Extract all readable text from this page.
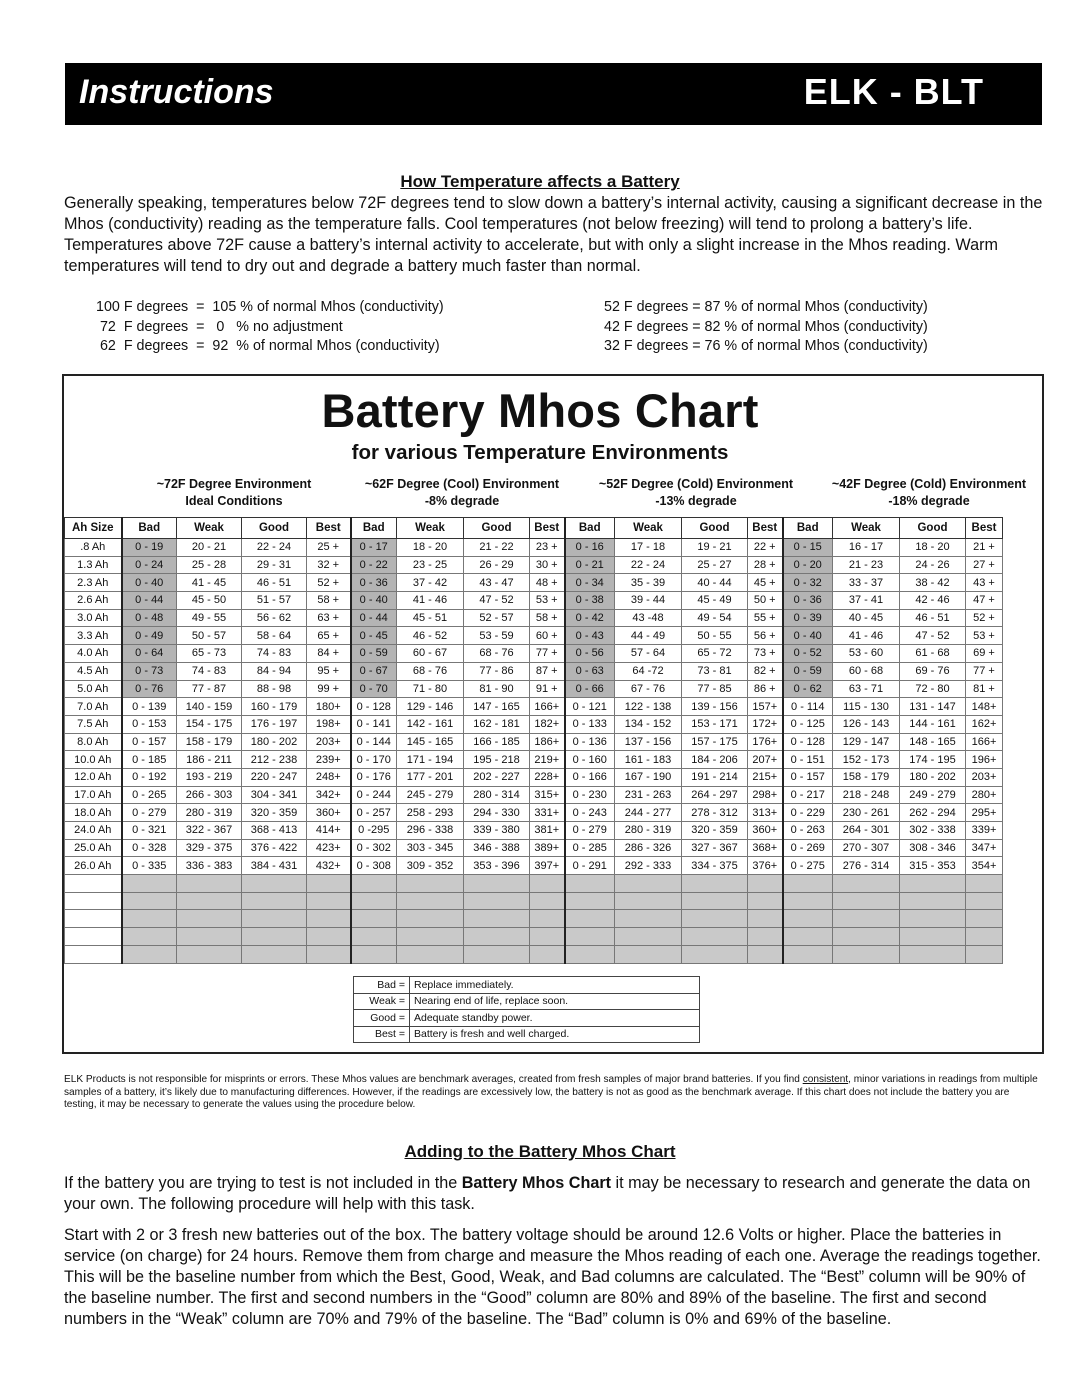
Instructions	ELK - BLT
How Temperature affects a Battery
Generally speaking, temperatures below 72F degrees tend to slow down a battery’s internal activity, causing a significant decrease in the Mhos (conductivity) reading as the temperature falls. Cool temperatures (not below freezing) will tend to prolong a battery’s life. Temperatures above 72F cause a battery’s internal activity to accelerate, but with only a slight increase in the Mhos reading. Warm temperatures will tend to dry out and degrade a battery much faster than normal.
100 F degrees  =  105 % of normal Mhos (conductivity)
72  F degrees  =   0   % no adjustment
62  F degrees  =  92  % of normal Mhos (conductivity)
52 F degrees = 87 % of normal Mhos (conductivity)
42 F degrees = 82 % of normal Mhos (conductivity)
32 F degrees = 76 % of normal Mhos (conductivity)
Battery Mhos Chart
for various Temperature Environments
~72F Degree Environment
Ideal Conditions
~62F Degree (Cool) Environment
-8% degrade
~52F Degree (Cold) Environment
-13% degrade
~42F Degree (Cold) Environment
-18% degrade
Ah Size	Bad	Weak	Good	Best	Bad	Weak	Good	Best	Bad	Weak	Good	Best	Bad	Weak	Good	Best
.8 Ah	0 - 19	20 - 21	22 - 24	25 +	0 - 17	18 - 20	21 - 22	23 +	0 - 16	17 - 18	19 - 21	22 +	0 - 15	16 - 17	18 - 20	21 +
1.3 Ah	0 - 24	25 - 28	29 - 31	32 +	0 - 22	23 - 25	26 - 29	30 +	0 - 21	22 - 24	25 - 27	28 +	0 - 20	21 - 23	24 - 26	27 +
2.3 Ah	0 - 40	41 - 45	46 - 51	52 +	0 - 36	37 - 42	43 - 47	48 +	0 - 34	35 - 39	40 - 44	45 +	0 - 32	33 - 37	38 - 42	43 +
2.6 Ah	0 - 44	45 - 50	51 - 57	58 +	0 - 40	41 - 46	47 - 52	53 +	0 - 38	39 - 44	45 - 49	50 +	0 - 36	37 - 41	42 - 46	47 +
3.0 Ah	0 - 48	49 - 55	56 - 62	63 +	0 - 44	45 - 51	52 - 57	58 +	0 - 42	43 -48	49 - 54	55 +	0 - 39	40 - 45	46 - 51	52 +
3.3 Ah	0 - 49	50 - 57	58 - 64	65 +	0 - 45	46 - 52	53 - 59	60 +	0 - 43	44 - 49	50 - 55	56 +	0 - 40	41 - 46	47 - 52	53 +
4.0 Ah	0 - 64	65 - 73	74 - 83	84 +	0 - 59	60 - 67	68 - 76	77 +	0 - 56	57 - 64	65 - 72	73 +	0 - 52	53 - 60	61 - 68	69 +
4.5 Ah	0 - 73	74 - 83	84 - 94	95 +	0 - 67	68 - 76	77 - 86	87 +	0 - 63	64 -72	73 - 81	82 +	0 - 59	60 - 68	69 - 76	77 +
5.0 Ah	0 - 76	77 - 87	88 - 98	99 +	0 - 70	71 - 80	81 - 90	91 +	0 - 66	67 - 76	77 - 85	86 +	0 - 62	63 - 71	72 - 80	81 +
7.0 Ah	0 - 139	140 - 159	160 - 179	180+	0 - 128	129 - 146	147 - 165	166+	0 - 121	122 - 138	139 - 156	157+	0 - 114	115 - 130	131 - 147	148+
7.5 Ah	0 - 153	154 - 175	176 - 197	198+	0 - 141	142 - 161	162 - 181	182+	0 - 133	134 - 152	153 - 171	172+	0 - 125	126 - 143	144 - 161	162+
8.0 Ah	0 - 157	158 - 179	180 - 202	203+	0 - 144	145 - 165	166 - 185	186+	0 - 136	137 - 156	157 - 175	176+	0 - 128	129 - 147	148 - 165	166+
10.0 Ah	0 - 185	186 - 211	212 - 238	239+	0 - 170	171 - 194	195 - 218	219+	0 - 160	161 - 183	184 - 206	207+	0 - 151	152 - 173	174 - 195	196+
12.0 Ah	0 - 192	193 - 219	220 - 247	248+	0 - 176	177 - 201	202 - 227	228+	0 - 166	167 - 190	191 - 214	215+	0 - 157	158 - 179	180 - 202	203+
17.0 Ah	0 - 265	266 - 303	304 - 341	342+	0 - 244	245 - 279	280 - 314	315+	0 - 230	231 - 263	264 - 297	298+	0 - 217	218 - 248	249 - 279	280+
18.0 Ah	0 - 279	280 - 319	320 - 359	360+	0 - 257	258 - 293	294 - 330	331+	0 - 243	244 - 277	278 - 312	313+	0 - 229	230 - 261	262 - 294	295+
24.0 Ah	0 - 321	322 - 367	368 - 413	414+	0 -295	296 - 338	339 - 380	381+	0 - 279	280 - 319	320 - 359	360+	0 - 263	264 - 301	302 - 338	339+
25.0 Ah	0 - 328	329 - 375	376 - 422	423+	0 - 302	303 - 345	346 - 388	389+	0 - 285	286 - 326	327 - 367	368+	0 - 269	270 - 307	308 - 346	347+
26.0 Ah	0 - 335	336 - 383	384 - 431	432+	0 - 308	309 - 352	353 - 396	397+	0 - 291	292 - 333	334 - 375	376+	0 - 275	276 - 314	315 - 353	354+

Bad =	Replace immediately.
Weak =	Nearing end of life, replace soon.
Good =	Adequate standby power.
Best =	Battery is fresh and well charged.
ELK Products is not responsible for misprints or errors. These Mhos values are benchmark averages, created from fresh samples of major brand batteries. If you find consistent, minor variations in readings from multiple samples of a battery, it’s likely due to manufacturing differences. However, if the readings are excessively low, the battery is not as good as the benchmark average. If this chart does not include the battery you are testing, it may be necessary to generate the values using the procedure below.
Adding to the Battery Mhos Chart
If the battery you are trying to test is not included in the Battery Mhos Chart it may be necessary to research and generate the data on your own. The following procedure will help with this task.
Start with 2 or 3 fresh new batteries out of the box. The battery voltage should be around 12.6 Volts or higher. Place the batteries in service (on charge) for 24 hours. Remove them from charge and measure the Mhos reading of each one. Average the readings together. This will be the baseline number from which the Best, Good, Weak, and Bad columns are calculated. The “Best” column will be 90% of the baseline number. The first and second numbers in the “Good” column are 80% and 89% of the baseline. The first and second numbers in the “Weak” column are 70% and 79% of the baseline. The “Bad” column is 0% and 69% of the baseline.
